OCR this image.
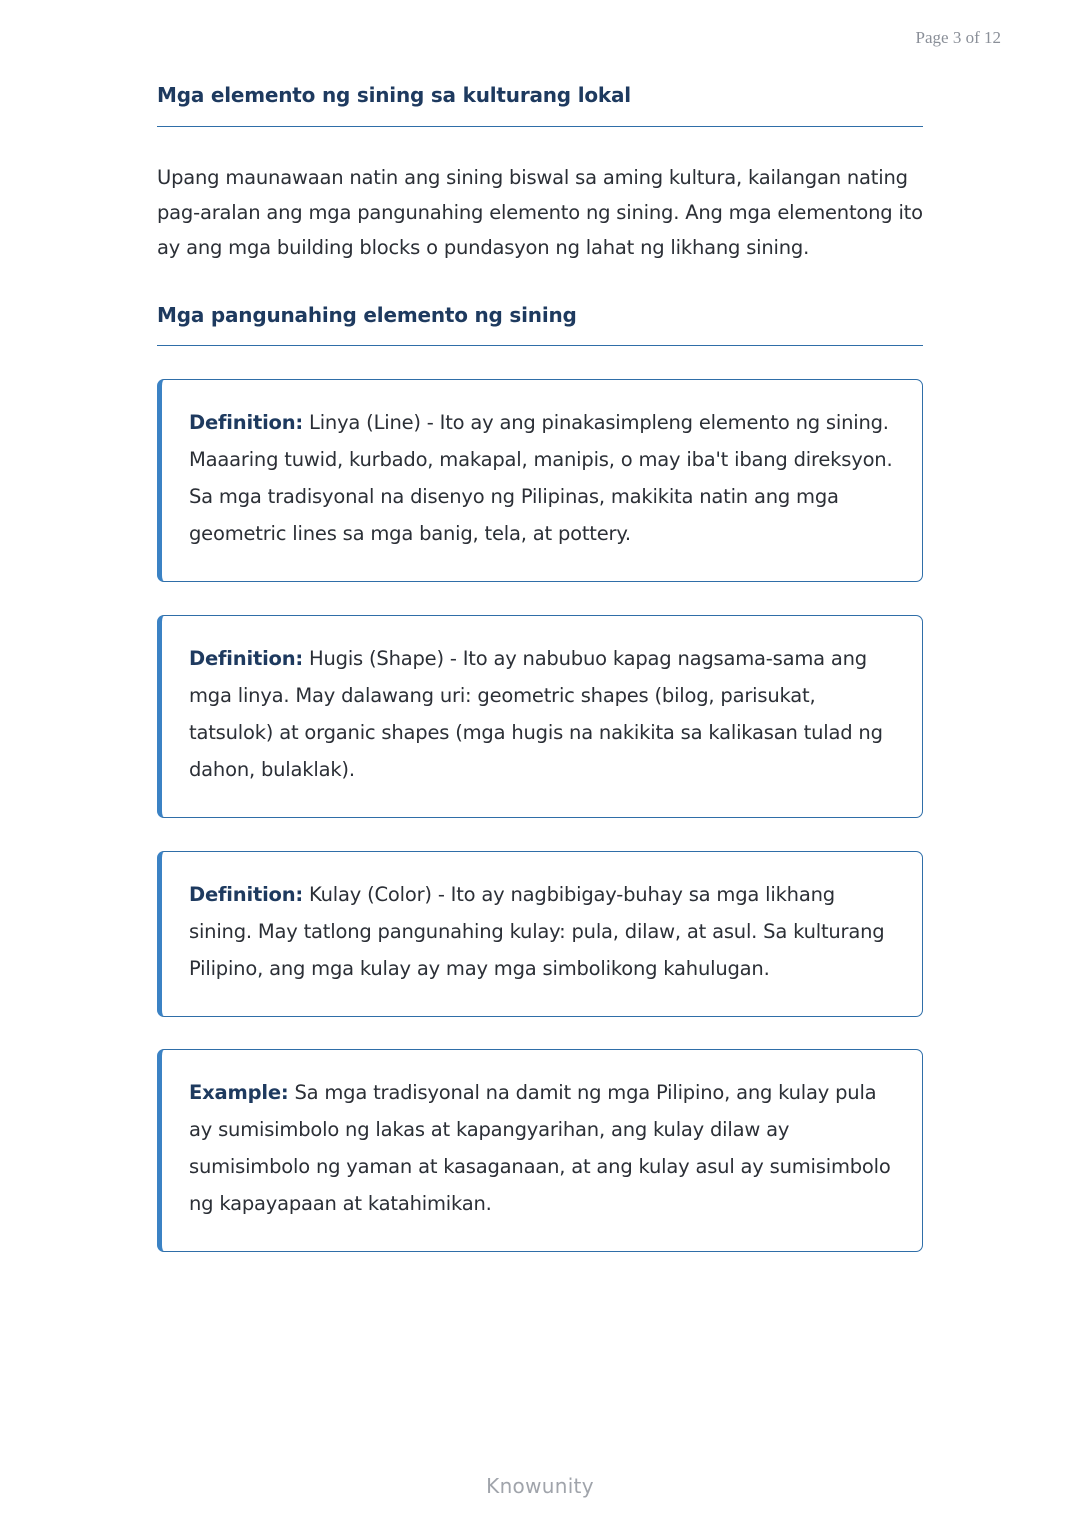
Page 3 of 12
Mga elemento ng sining sa kulturang lokal

Upang maunawaan natin ang sining biswal sa aming kultura, kailangan nating pag-aralan ang mga pangunahing elemento ng sining. Ang mga elementong ito ay ang mga building blocks o pundasyon ng lahat ng likhang sining.

Mga pangunahing elemento ng sining

Definition: Linya (Line) - Ito ay ang pinakasimpleng elemento ng sining. Maaaring tuwid, kurbado, makapal, manipis, o may iba't ibang direksyon. Sa mga tradisyonal na disenyo ng Pilipinas, makikita natin ang mga geometric lines sa mga banig, tela, at pottery.

Definition: Hugis (Shape) - Ito ay nabubuo kapag nagsama-sama ang mga linya. May dalawang uri: geometric shapes (bilog, parisukat, tatsulok) at organic shapes (mga hugis na nakikita sa kalikasan tulad ng dahon, bulaklak).

Definition: Kulay (Color) - Ito ay nagbibigay-buhay sa mga likhang sining. May tatlong pangunahing kulay: pula, dilaw, at asul. Sa kulturang Pilipino, ang mga kulay ay may mga simbolikong kahulugan.

Example: Sa mga tradisyonal na damit ng mga Pilipino, ang kulay pula ay sumisimbolo ng lakas at kapangyarihan, ang kulay dilaw ay sumisimbolo ng yaman at kasaganaan, at ang kulay asul ay sumisimbolo ng kapayapaan at katahimikan.

Knowunity
